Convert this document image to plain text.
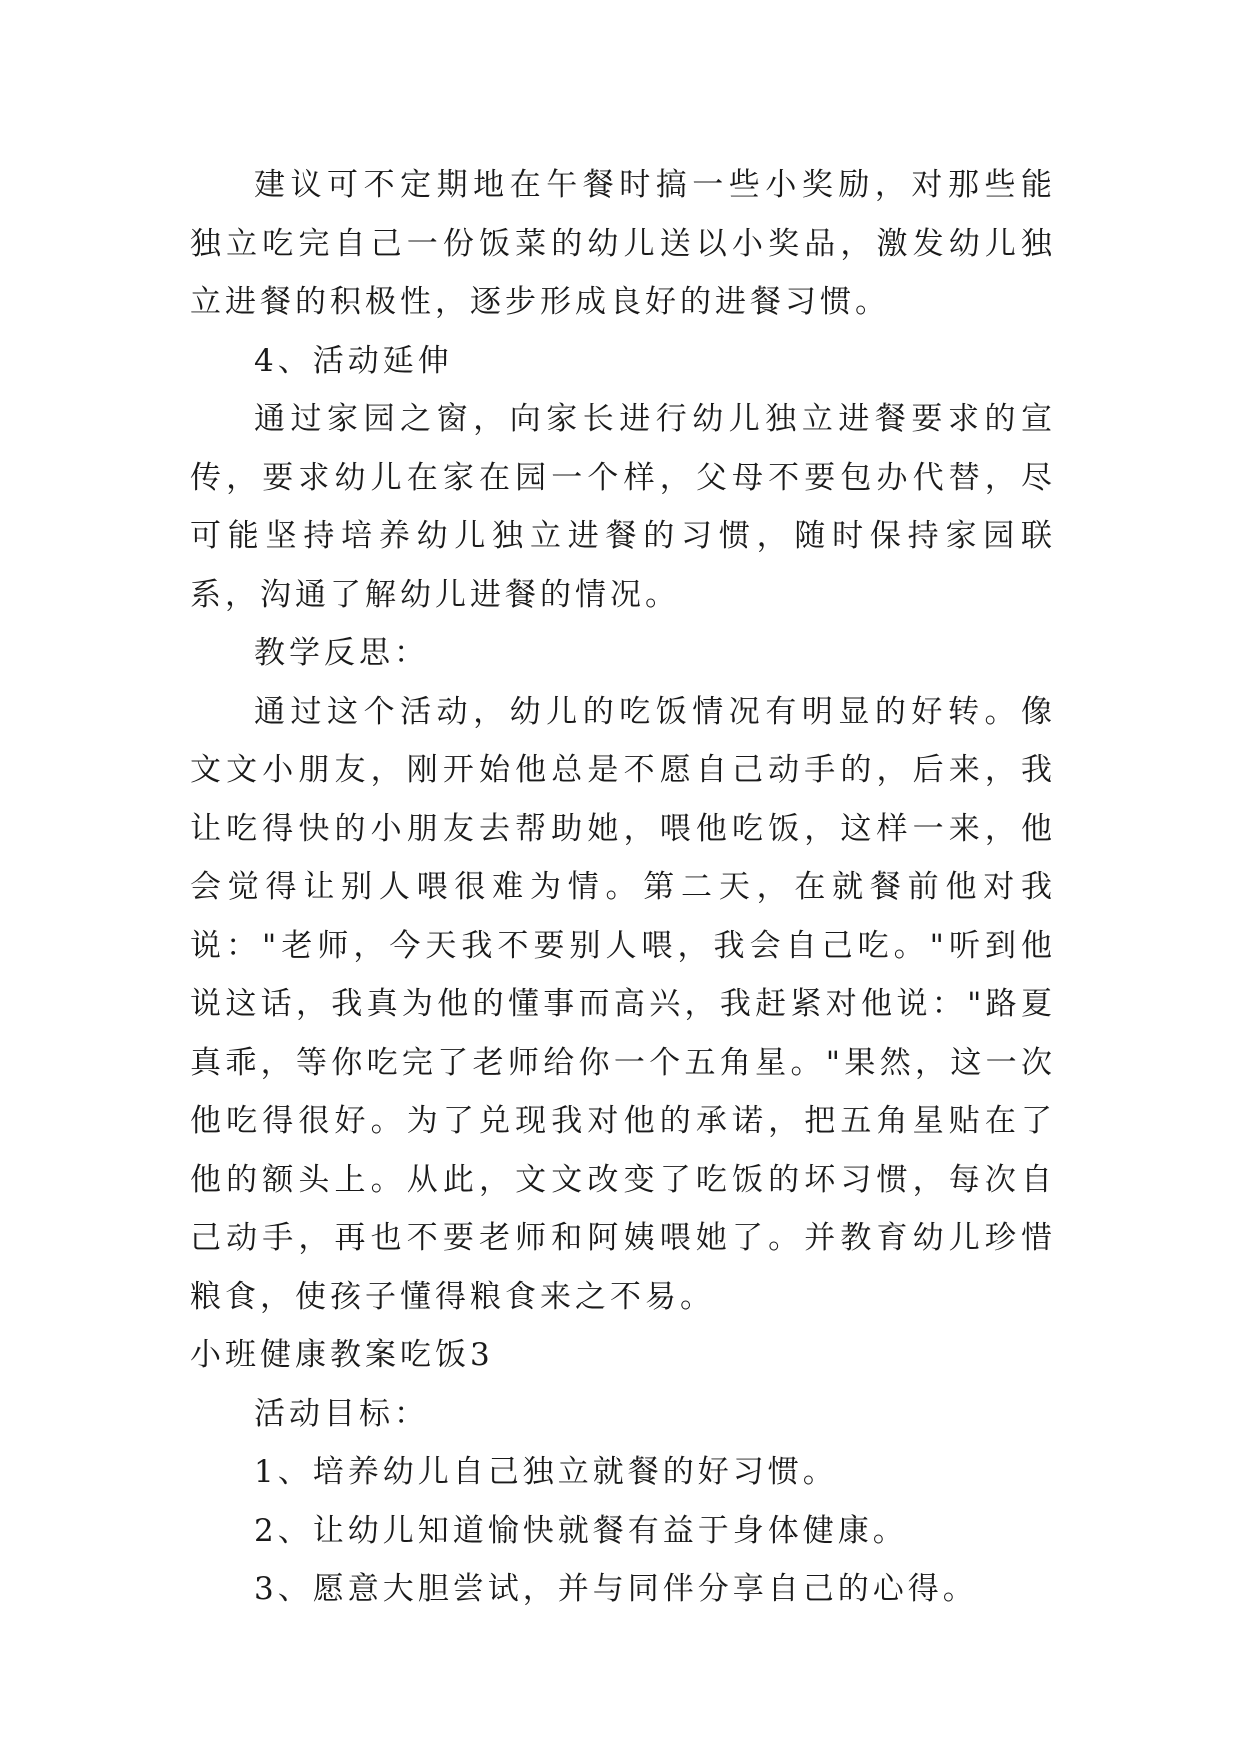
建议可不定期地在午餐时搞一些小奖励，对那些能独立吃完自己一份饭菜的幼儿送以小奖品，激发幼儿独立进餐的积极性，逐步形成良好的进餐习惯。

4、活动延伸

通过家园之窗，向家长进行幼儿独立进餐要求的宣传，要求幼儿在家在园一个样，父母不要包办代替，尽可能坚持培养幼儿独立进餐的习惯，随时保持家园联系，沟通了解幼儿进餐的情况。

教学反思：

通过这个活动，幼儿的吃饭情况有明显的好转。像文文小朋友，刚开始他总是不愿自己动手的，后来，我让吃得快的小朋友去帮助她，喂他吃饭，这样一来，他会觉得让别人喂很难为情。第二天，在就餐前他对我说："老师，今天我不要别人喂，我会自己吃。"听到他说这话，我真为他的懂事而高兴，我赶紧对他说："路夏真乖，等你吃完了老师给你一个五角星。"果然，这一次他吃得很好。为了兑现我对他的承诺，把五角星贴在了他的额头上。从此，文文改变了吃饭的坏习惯，每次自己动手，再也不要老师和阿姨喂她了。并教育幼儿珍惜粮食，使孩子懂得粮食来之不易。

小班健康教案吃饭3

活动目标：

1、培养幼儿自己独立就餐的好习惯。

2、让幼儿知道愉快就餐有益于身体健康。

3、愿意大胆尝试，并与同伴分享自己的心得。
